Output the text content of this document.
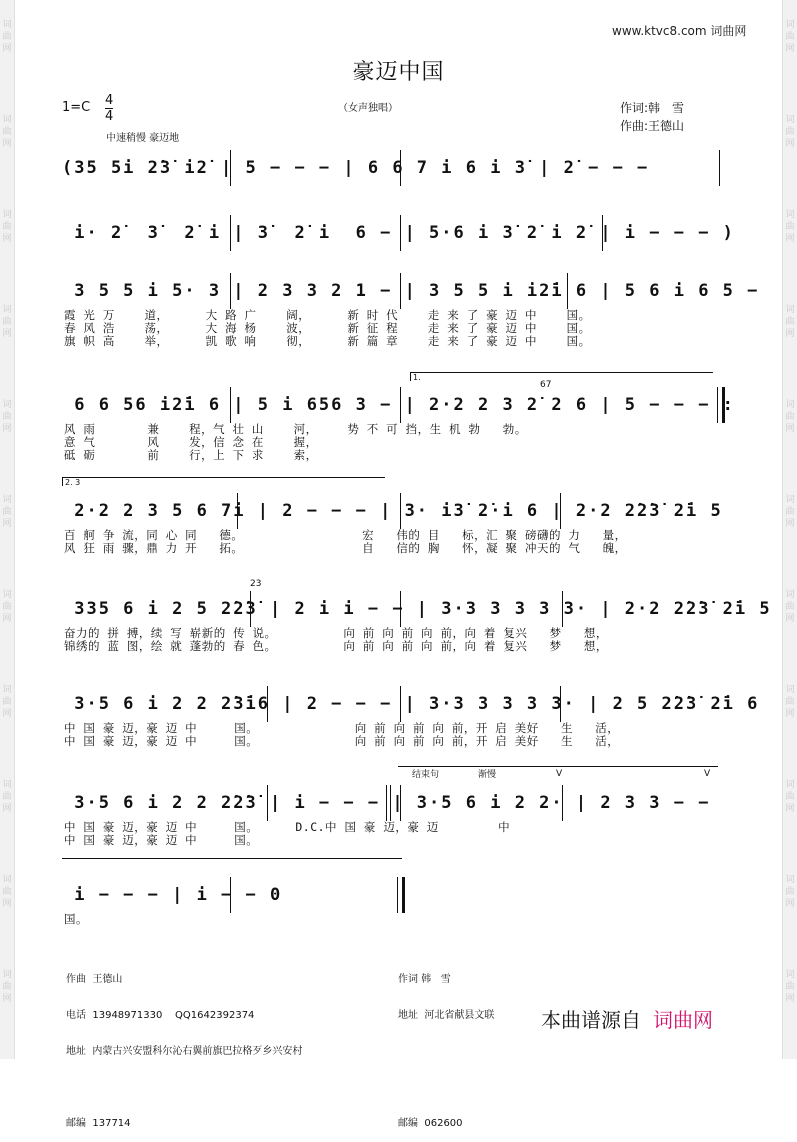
词
曲
网
词
曲
网
词
曲
网
词
曲
网
词
曲
网
词
曲
网
词
曲
网
词
曲
网
词
曲
网
词
曲
网
词
曲
网
词
曲
网
词
曲
网
词
曲
网
词
曲
网
词
曲
网
词
曲
网
词
曲
网
词
曲
网
词
曲
网
词
曲
网
词
曲
网
www.ktvc8.com 词曲网
豪迈中国
1=C 4
4
中速稍慢 豪迈地
（女声独唱）	作词:韩　雪
作曲:王德山
(35 5i 2̇3̇ i2̇ | 5 − − − | 6 6 7 i 6 i 3̇ | 2̇ − − −
i· 2̇  3̇  2̇ i | 3̇  2̇ i  6 − | 5·6 i 3̇ 2̇ i 2̇ | i − − − )
3 5 5 i 5· 3 | 2 3 3 2 1 − | 3 5 5 i i2̇i 6 | 5 6 i 6 5 −
霞 光 万    道，     大 路 广    阔，     新 时 代    走 来 了 豪 迈 中    国。
春 风 浩    荡，     大 海 杨    波，     新 征 程    走 来 了 豪 迈 中    国。
旗 帜 高    举，     凯 歌 响    彻，     新 篇 章    走 来 了 豪 迈 中    国。
6 6 56 i2̇i 6 | 5 i 656 3 − | 2·2 2 3 2̇ 2 6 | 5 − − − :
风 雨       兼    程，气 壮 山    河，    势 不 可 挡，生 机 勃   勃。
意 气       风    发，信 念 在    握，
砥 砺       前    行，上 下 求    索，
2·2 2 3 5 6 7i | 2 − − − | 3· i3̇ 2̇·i 6 | 2·2 2̇2̇3̇ 2̇i 5
百 舸 争 流，同 心 同   德。                宏   伟的 目   标，汇 聚 磅礴的 力   量，
风 狂 雨 骤，鼎 力 开   拓。                自   信的 胸   怀，凝 聚 冲天的 气   魄，
335 6 i 2 5 2̇2̇3̇ | 2 i i − − | 3·3 3 3 3 3· | 2·2 2̇2̇3̇ 2̇i 5
奋力的 拼 搏，续 写 崭新的 传 说。         向 前 向 前 向 前，向 着 复兴   梦   想，
锦绣的 蓝 图，绘 就 蓬勃的 春 色。         向 前 向 前 向 前，向 着 复兴   梦   想，
3·5 6 i 2 2 2̇3̇i6 | 2 − − − | 3·3 3 3 3 3· | 2 5 2̇2̇3̇ 2̇i 6
中 国 豪 迈，豪 迈 中     国。             向 前 向 前 向 前，开 启 美好   生   活，
中 国 豪 迈，豪 迈 中     国。             向 前 向 前 向 前，开 启 美好   生   活，
3·5 6 i 2 2 2̇2̇3̇ | i − − − | 3·5 6 i 2 2· | 2 3 3 − −
中 国 豪 迈，豪 迈 中     国。     D.C.中 国 豪 迈，豪 迈        中
中 国 豪 迈，豪 迈 中     国。
i − − − | i − − 0
国。
1.
2. 3
67
23
结束句	渐慢	V	V

作曲  王德山

电话  13948971330    QQ1642392374

地址  内蒙古兴安盟科尔沁右翼前旗巴拉格歹乡兴安村

邮编  137714

作词 韩   雪

地址  河北省献县文联

邮编  062600

本曲谱源自 词曲网
